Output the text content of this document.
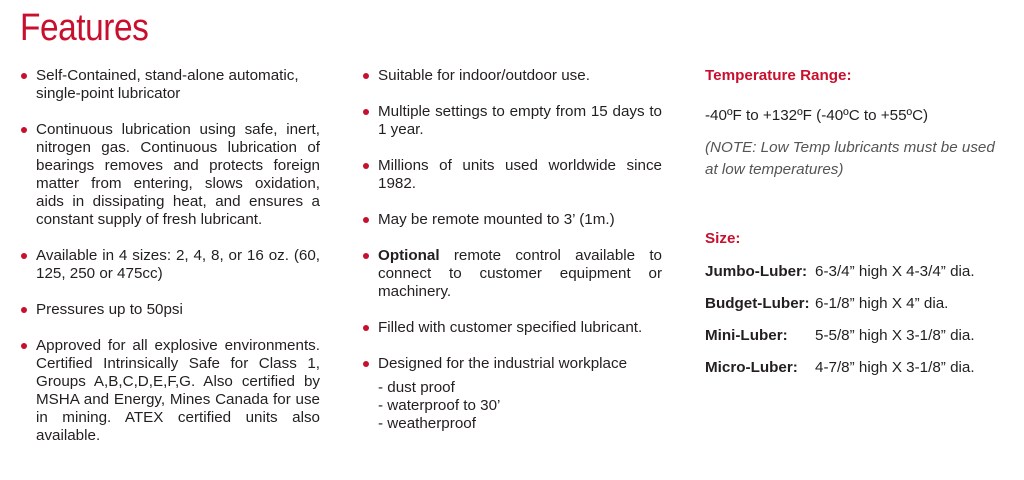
Features
Self-Contained, stand-alone automatic, single-point lubricator
Continuous lubrication using safe, inert, nitrogen gas. Continuous lubrication of bearings removes and protects foreign matter from entering, slows oxidation, aids in dissipating heat, and ensures a constant supply of fresh lubricant.
Available in 4 sizes: 2, 4, 8, or 16 oz. (60, 125, 250 or 475cc)
Pressures up to 50psi
Approved for all explosive environments. Certified Intrinsically Safe for Class 1, Groups A,B,C,D,E,F,G. Also certified by MSHA and Energy, Mines Canada for use in mining. ATEX certified units also available.
Suitable for indoor/outdoor use.
Multiple settings to empty from 15 days to 1 year.
Millions of units used worldwide since 1982.
May be remote mounted to 3’ (1m.)
Optional remote control available to connect to customer equipment or machinery.
Filled with customer specified lubricant.
Designed for the industrial workplace
- dust proof
- waterproof to 30’
- weatherproof

Temperature Range:

-40ºF to +132ºF (-40ºC to +55ºC)
(NOTE: Low Temp lubricants must be used at low temperatures)

Size:

Jumbo-Luber: 6-3/4” high X 4-3/4” dia.
Budget-Luber: 6-1/8” high X 4” dia.
Mini-Luber: 5-5/8” high X 3-1/8” dia.
Micro-Luber: 4-7/8” high X 3-1/8” dia.
